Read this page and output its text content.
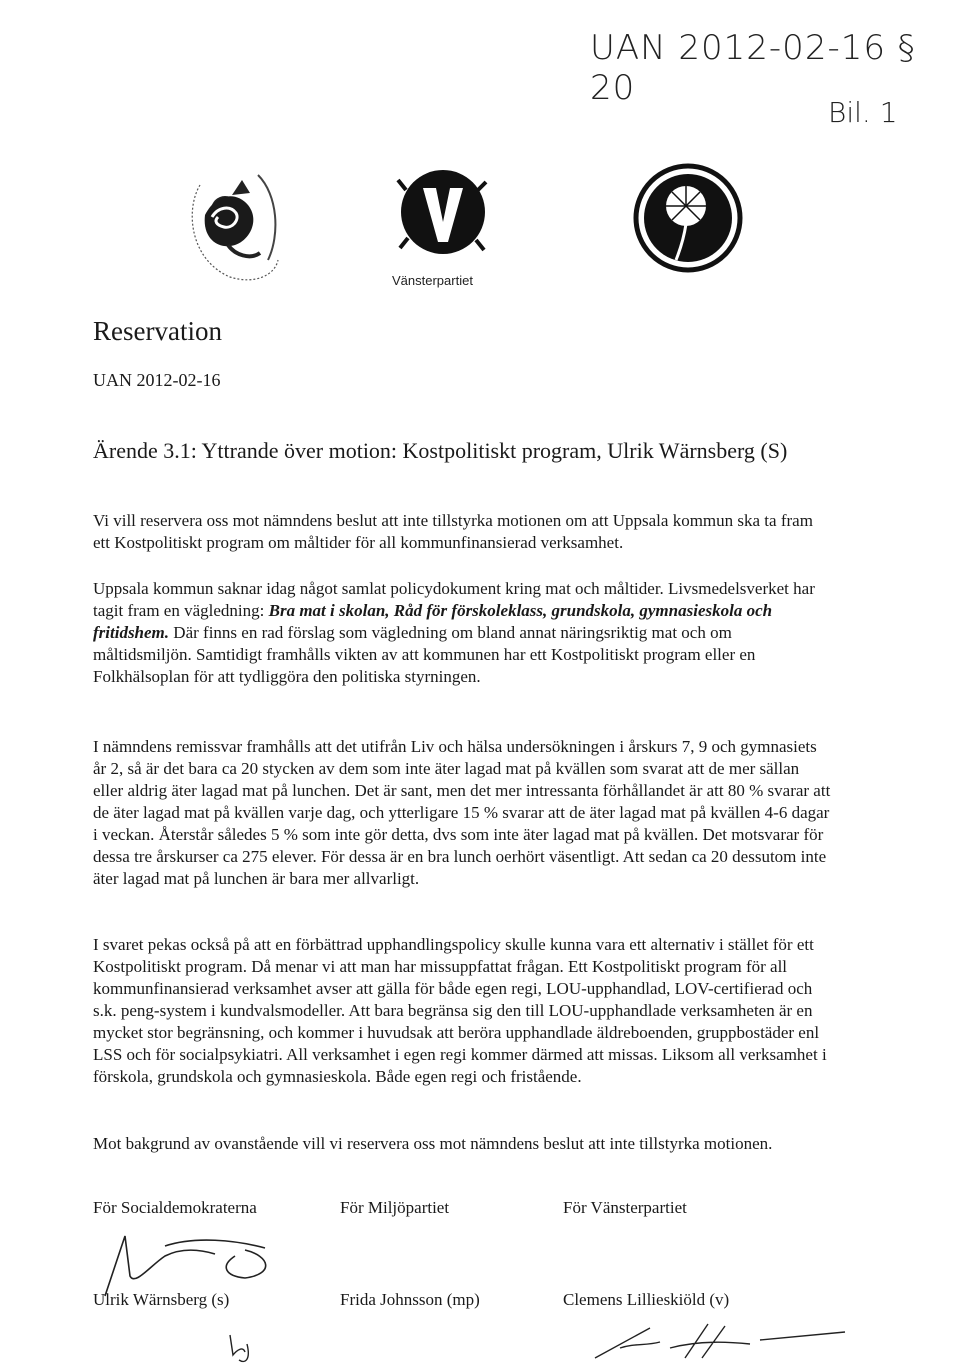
UAN 2012-02-16 § 20
Bil. 1
Vänsterpartiet
Reservation
UAN 2012-02-16
Ärende 3.1: Yttrande över motion: Kostpolitiskt program, Ulrik Wärnsberg (S)

Vi vill reservera oss mot nämndens beslut att inte tillstyrka motionen om att Uppsala kommun ska ta fram ett Kostpolitiskt program om måltider för all kommunfinansierad verksamhet.

Uppsala kommun saknar idag något samlat policydokument kring mat och måltider. Livsmedelsverket har tagit fram en vägledning: Bra mat i skolan, Råd för förskoleklass, grundskola, gymnasieskola och fritidshem. Där finns en rad förslag som vägledning om bland annat näringsriktig mat och om måltidsmiljön. Samtidigt framhålls vikten av att kommunen har ett Kostpolitiskt program eller en Folkhälsoplan för att tydliggöra den politiska styrningen.

I nämndens remissvar framhålls att det utifrån Liv och hälsa undersökningen i årskurs 7, 9 och gymnasiets år 2, så är det bara ca 20 stycken av dem som inte äter lagad mat på kvällen som svarat att de mer sällan eller aldrig äter lagad mat på lunchen. Det är sant, men det mer intressanta förhållandet är att 80 % svarar att de äter lagad mat på kvällen varje dag, och ytterligare 15 % svarar att de äter lagad mat på kvällen 4-6 dagar i veckan. Återstår således 5 % som inte gör detta, dvs som inte äter lagad mat på kvällen. Det motsvarar för dessa tre årskurser ca 275 elever. För dessa är en bra lunch oerhört väsentligt. Att sedan ca 20 dessutom inte äter lagad mat på lunchen är bara mer allvarligt.

I svaret pekas också på att en förbättrad upphandlingspolicy skulle kunna vara ett alternativ i stället för ett Kostpolitiskt program. Då menar vi att man har missuppfattat frågan. Ett Kostpolitiskt program för all kommunfinansierad verksamhet avser att gälla för både egen regi, LOU-upphandlad, LOV-certifierad och s.k. peng-system i kundvalsmodeller. Att bara begränsa sig den till LOU-upphandlade verksamheten är en mycket stor begränsning, och kommer i huvudsak att beröra upphandlade äldreboenden, gruppbostäder enl LSS och för socialpsykiatri. All verksamhet i egen regi kommer därmed att missas. Liksom all verksamhet i förskola, grundskola och gymnasieskola. Både egen regi och fristående.

Mot bakgrund av ovanstående vill vi reservera oss mot nämndens beslut att inte tillstyrka motionen.

För Socialdemokraterna	För Miljöpartiet	För Vänsterpartiet
Ulrik Wärnsberg (s)	Frida Johnsson (mp)	Clemens Lillieskiöld (v)
